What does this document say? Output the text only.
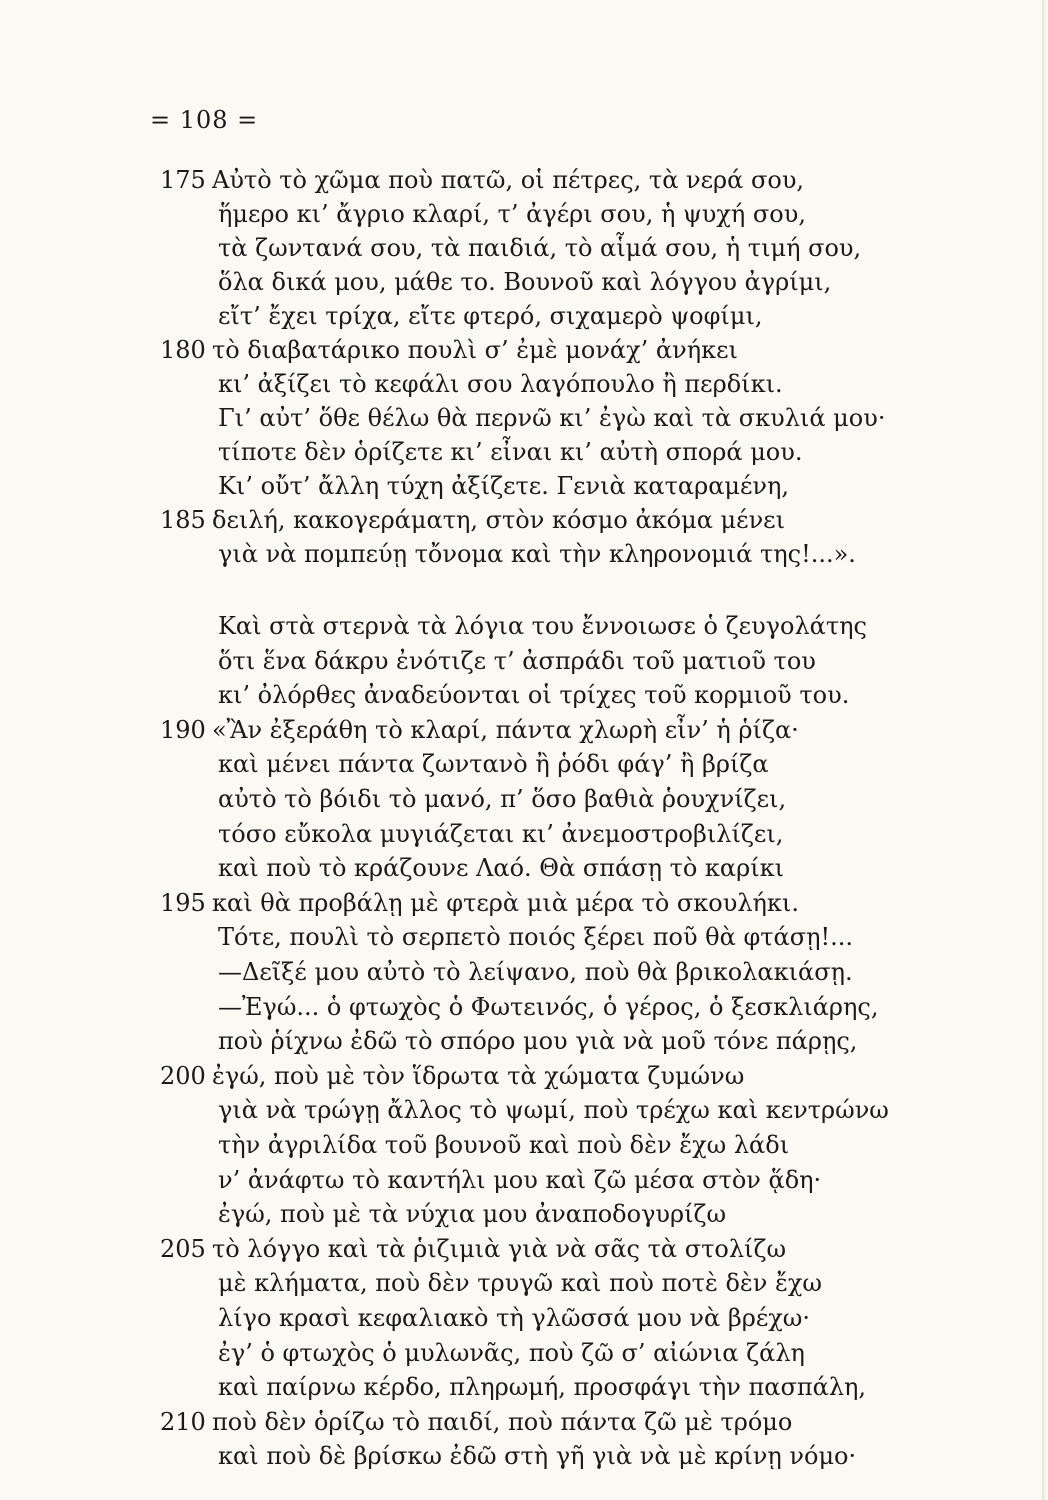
= 108 =
175 Αὐτὸ τὸ χῶμα ποὺ πατῶ, οἱ πέτρες, τὰ νερά σου,
ἥμερο κι’ ἄγριο κλαρί, τ’ ἀγέρι σου, ἡ ψυχή σου,
τὰ ζωντανά σου, τὰ παιδιά, τὸ αἷμά σου, ἡ τιμή σου,
ὅλα δικά μου, μάθε το. Βουνοῦ καὶ λόγγου ἀγρίμι,
εἴτ’ ἔχει τρίχα, εἴτε φτερό, σιχαμερὸ ψοφίμι,
180 τὸ διαβατάρικο πουλὶ σ’ ἐμὲ μονάχ’ ἀνήκει
κι’ ἀξίζει τὸ κεφάλι σου λαγόπουλο ἢ περδίκι.
Γι’ αὐτ’ ὅθε θέλω θὰ περνῶ κι’ ἐγὼ καὶ τὰ σκυλιά μου·
τίποτε δὲν ὁρίζετε κι’ εἶναι κι’ αὐτὴ σπορά μου.
Κι’ οὔτ’ ἄλλη τύχη ἀξίζετε. Γενιὰ καταραμένη,
185 δειλή, κακογεράματη, στὸν κόσμο ἀκόμα μένει
γιὰ νὰ πομπεύῃ τὄνομα καὶ τὴν κληρονομιά της!...».
Καὶ στὰ στερνὰ τὰ λόγια του ἔννοιωσε ὁ ζευγολάτης
ὅτι ἕνα δάκρυ ἐνότιζε τ’ ἀσπράδι τοῦ ματιοῦ του
κι’ ὀλόρθες ἀναδεύονται οἱ τρίχες τοῦ κορμιοῦ του.
190 «Ἂν ἐξεράθη τὸ κλαρί, πάντα χλωρὴ εἶν’ ἡ ῥίζα·
καὶ μένει πάντα ζωντανὸ ἢ ῥόδι φάγ’ ἢ βρίζα
αὐτὸ τὸ βόιδι τὸ μανό, π’ ὅσο βαθιὰ ῥουχνίζει,
τόσο εὔκολα μυγιάζεται κι’ ἀνεμοστροβιλίζει,
καὶ ποὺ τὸ κράζουνε Λαό. Θὰ σπάσῃ τὸ καρίκι
195 καὶ θὰ προβάλῃ μὲ φτερὰ μιὰ μέρα τὸ σκουλήκι.
Τότε, πουλὶ τὸ σερπετὸ ποιός ξέρει ποῦ θὰ φτάσῃ!...
—Δεῖξέ μου αὐτὸ τὸ λείψανο, ποὺ θὰ βρικολακιάσῃ.
—Ἐγώ... ὁ φτωχὸς ὁ Φωτεινός, ὁ γέρος, ὁ ξεσκλιάρης,
ποὺ ῥίχνω ἐδῶ τὸ σπόρο μου γιὰ νὰ μοῦ τόνε πάρῃς,
200 ἐγώ, ποὺ μὲ τὸν ἵδρωτα τὰ χώματα ζυμώνω
γιὰ νὰ τρώγῃ ἄλλος τὸ ψωμί, ποὺ τρέχω καὶ κεντρώνω
τὴν ἀγριλίδα τοῦ βουνοῦ καὶ ποὺ δὲν ἔχω λάδι
ν’ ἀνάφτω τὸ καντήλι μου καὶ ζῶ μέσα στὸν ᾅδη·
ἐγώ, ποὺ μὲ τὰ νύχια μου ἀναποδογυρίζω
205 τὸ λόγγο καὶ τὰ ῥιζιμιὰ γιὰ νὰ σᾶς τὰ στολίζω
μὲ κλήματα, ποὺ δὲν τρυγῶ καὶ ποὺ ποτὲ δὲν ἔχω
λίγο κρασὶ κεφαλιακὸ τὴ γλῶσσά μου νὰ βρέχω·
ἐγ’ ὁ φτωχὸς ὁ μυλωνᾶς, ποὺ ζῶ σ’ αἰώνια ζάλη
καὶ παίρνω κέρδο, πληρωμή, προσφάγι τὴν πασπάλη,
210 ποὺ δὲν ὁρίζω τὸ παιδί, ποὺ πάντα ζῶ μὲ τρόμο
καὶ ποὺ δὲ βρίσκω ἐδῶ στὴ γῆ γιὰ νὰ μὲ κρίνῃ νόμο·
